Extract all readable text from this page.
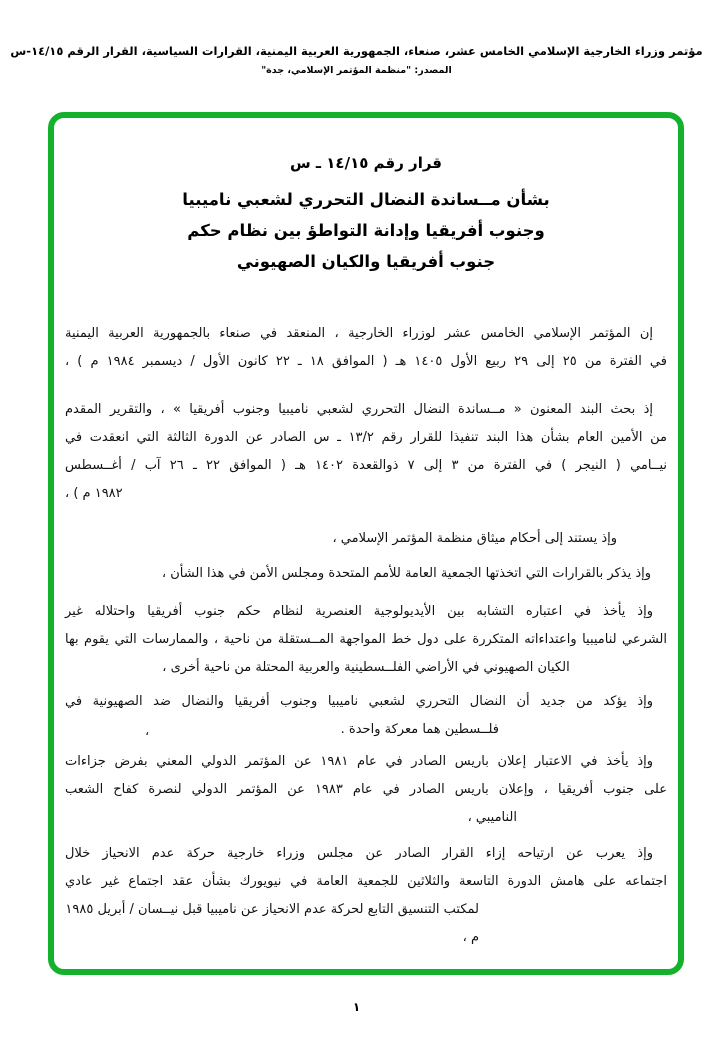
مؤتمر وزراء الخارجية الإسلامي الخامس عشر، صنعاء، الجمهورية العربية اليمنية، القرارات السياسية، القرار الرقم ١٤/١٥-س
المصدر: "منظمة المؤتمر الإسلامي، جدة"
قرار رقم ١٤/١٥ ـ س
بشأن مــساندة النضال التحرري لشعبي ناميبيا
وجنوب أفريقيا وإدانة التواطؤ بين نظام حكم
جنوب أفريقيا والكيان الصهيوني
إن المؤتمر الإسلامي الخامس عشر لوزراء الخارجية ، المنعقد في صنعاء بالجمهورية العربية اليمنية
في الفترة من ٢٥ إلى ٢٩ ربيع الأول ١٤٠٥ هـ ( الموافق ١٨ ـ ٢٢ كانون الأول / ديسمبر ١٩٨٤ م ) ،
إذ بحث البند المعنون « مــساندة النضال التحرري لشعبي ناميبيا وجنوب أفريقيا » ، والتقرير المقدم
من الأمين العام بشأن هذا البند تنفيذا للقرار رقم ١٣/٢ ـ س الصادر عن الدورة الثالثة التي انعقدت في
نيــامي ( النيجر ) في الفترة من ٣ إلى ٧ ذوالقعدة ١٤٠٢ هـ ( الموافق ٢٢ ـ ٢٦ آب / أغــسطس
١٩٨٢ م ) ،
وإذ يستند إلى أحكام ميثاق منظمة المؤتمر الإسلامي ،
وإذ يذكر بالقرارات التي اتخذتها الجمعية العامة للأمم المتحدة ومجلس الأمن في هذا الشأن ،
وإذ يأخذ في اعتباره التشابه بين الأيديولوجية العنصرية لنظام حكم جنوب أفريقيا واحتلاله غير
الشرعي لناميبيا واعتداءاته المتكررة على دول خط المواجهة المــستقلة من ناحية ، والممارسات التي يقوم بها
الكيان الصهيوني في الأراضي الفلــسطينية والعربية المحتلة من ناحية أخرى ،
وإذ يؤكد من جديد أن النضال التحرري لشعبي ناميبيا وجنوب أفريقيا والنضال ضد الصهيونية في
فلــسطين هما معركة واحدة .
وإذ يأخذ في الاعتبار إعلان باريس الصادر في عام ١٩٨١ عن المؤتمر الدولي المعني بفرض جزاءات
على جنوب أفريقيا ، وإعلان باريس الصادر في عام ١٩٨٣ عن المؤتمر الدولي لنصرة كفاح الشعب
الناميبي ،
وإذ يعرب عن ارتياحه إزاء القرار الصادر عن مجلس وزراء خارجية حركة عدم الانحياز خلال
اجتماعه على هامش الدورة التاسعة والثلاثين للجمعية العامة في نيويورك بشأن عقد اجتماع غير عادي
لمكتب التنسيق التابع لحركة عدم الانحياز عن ناميبيا قبل نيــسان / أبريل ١٩٨٥ م ،
،
١
